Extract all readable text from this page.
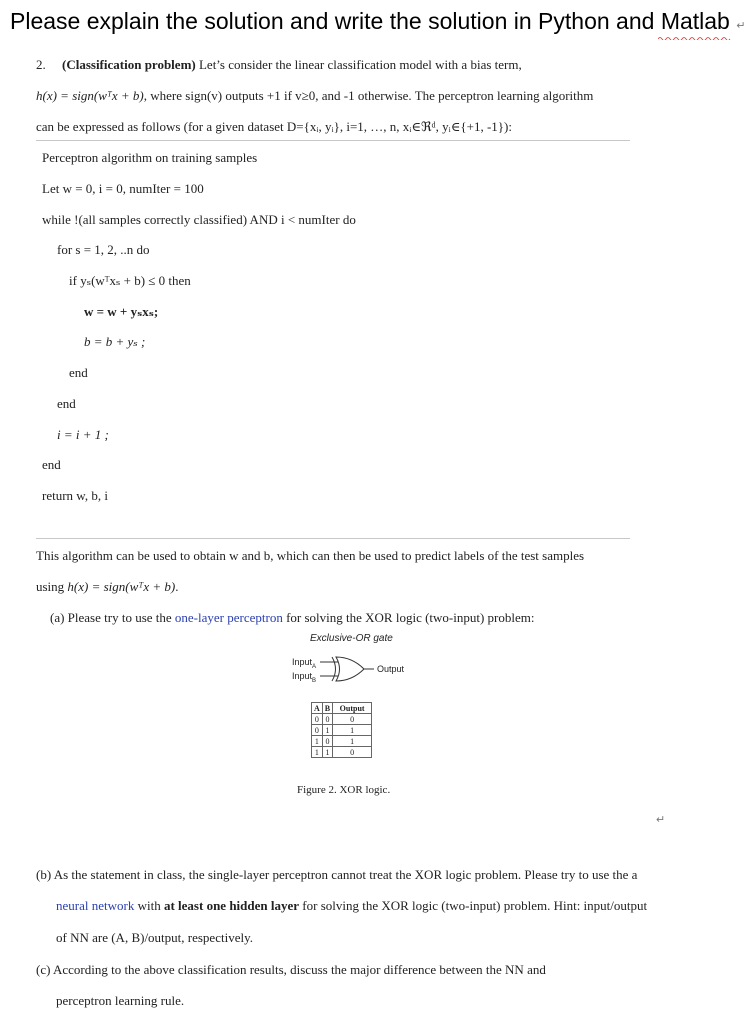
Please explain the solution and write the solution in Python and Matlab ↵
2. (Classification problem) Let’s consider the linear classification model with a bias term,
h(x) = sign(wᵀx + b), where sign(v) outputs +1 if v≥0, and -1 otherwise. The perceptron learning algorithm
can be expressed as follows (for a given dataset D={xᵢ, yᵢ}, i=1, …, n, xᵢ∈ℜᵈ, yᵢ∈{+1, -1}):
Perceptron algorithm on training samples
Let w = 0, i = 0, numIter = 100
while !(all samples correctly classified) AND i < numIter do
for s = 1, 2, ..n do
if yₛ(wᵀxₛ + b) ≤ 0 then
w = w + yₛxₛ;
b = b + yₛ ;
end
end
i = i + 1 ;
end
return w, b, i
This algorithm can be used to obtain w and b, which can then be used to predict labels of the test samples
using h(x) = sign(wᵀx + b).
(a) Please try to use the one-layer perceptron for solving the XOR logic (two-input) problem:
Exclusive-OR gate
Input$_A$
Input$_B$
Output
A	B	Output
0	0	0
0	1	1
1	0	1
1	1	0
Figure 2. XOR logic.
↵
(b) As the statement in class, the single-layer perceptron cannot treat the XOR logic problem. Please try to use the a
neural network with at least one hidden layer for solving the XOR logic (two-input) problem. Hint: input/output
of NN are (A, B)/output, respectively.
(c) According to the above classification results, discuss the major difference between the NN and
perceptron learning rule.
